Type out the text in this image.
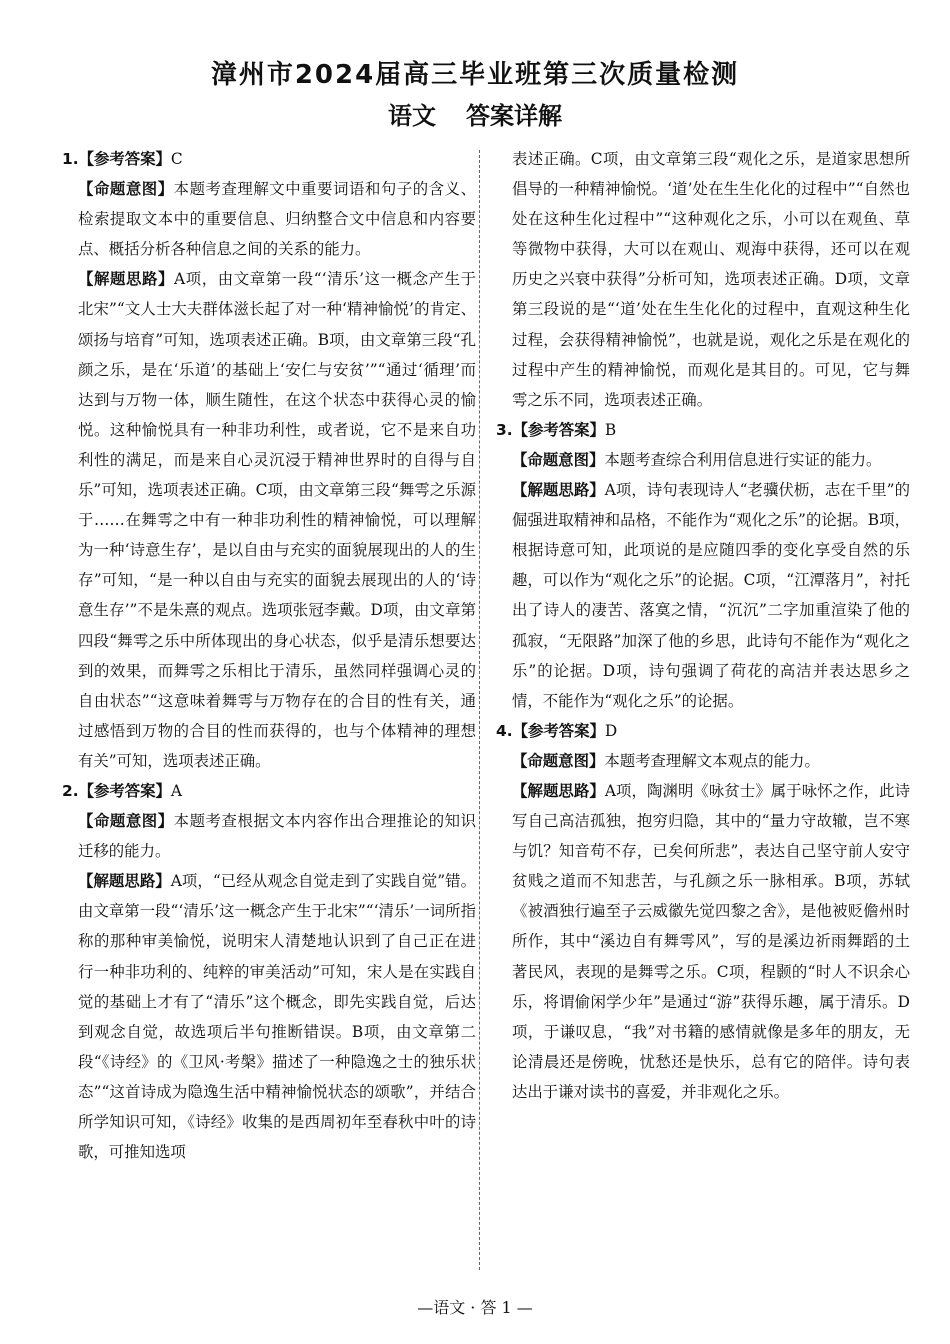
漳州市2024届高三毕业班第三次质量检测
语文 答案详解

1.【参考答案】C

【命题意图】本题考查理解文中重要词语和句子的含义、检索提取文本中的重要信息、归纳整合文中信息和内容要点、概括分析各种信息之间的关系的能力。

【解题思路】A项，由文章第一段“‘清乐’这一概念产生于北宋”“文人士大夫群体滋长起了对一种‘精神愉悦’的肯定、颂扬与培育”可知，选项表述正确。B项，由文章第三段“孔颜之乐，是在‘乐道’的基础上‘安仁与安贫’”“通过‘循理’而达到与万物一体，顺生随性，在这个状态中获得心灵的愉悦。这种愉悦具有一种非功利性，或者说，它不是来自功利性的满足，而是来自心灵沉浸于精神世界时的自得与自乐”可知，选项表述正确。C项，由文章第三段“舞雩之乐源于……在舞雩之中有一种非功利性的精神愉悦，可以理解为一种‘诗意生存’，是以自由与充实的面貌展现出的人的生存”可知，“是一种以自由与充实的面貌去展现出的人的‘诗意生存’”不是朱熹的观点。选项张冠李戴。D项，由文章第四段“舞雩之乐中所体现出的身心状态，似乎是清乐想要达到的效果，而舞雩之乐相比于清乐，虽然同样强调心灵的自由状态”“这意味着舞雩与万物存在的合目的性有关，通过感悟到万物的合目的性而获得的，也与个体精神的理想有关”可知，选项表述正确。

2.【参考答案】A

【命题意图】本题考查根据文本内容作出合理推论的知识迁移的能力。

【解题思路】A项，“已经从观念自觉走到了实践自觉”错。由文章第一段“‘清乐’这一概念产生于北宋”“‘清乐’一词所指称的那种审美愉悦，说明宋人清楚地认识到了自己正在进行一种非功利的、纯粹的审美活动”可知，宋人是在实践自觉的基础上才有了“清乐”这个概念，即先实践自觉，后达到观念自觉，故选项后半句推断错误。B项，由文章第二段“《诗经》的《卫风·考槃》描述了一种隐逸之士的独乐状态”“这首诗成为隐逸生活中精神愉悦状态的颂歌”，并结合所学知识可知，《诗经》收集的是西周初年至春秋中叶的诗歌，可推知选项

表述正确。C项，由文章第三段“观化之乐，是道家思想所倡导的一种精神愉悦。‘道’处在生生化化的过程中”“自然也处在这种生化过程中”“这种观化之乐，小可以在观鱼、草等微物中获得，大可以在观山、观海中获得，还可以在观历史之兴衰中获得”分析可知，选项表述正确。D项，文章第三段说的是“‘道’处在生生化化的过程中，直观这种生化过程，会获得精神愉悦”，也就是说，观化之乐是在观化的过程中产生的精神愉悦，而观化是其目的。可见，它与舞雩之乐不同，选项表述正确。

3.【参考答案】B

【命题意图】本题考查综合利用信息进行实证的能力。

【解题思路】A项，诗句表现诗人“老骥伏枥，志在千里”的倔强进取精神和品格，不能作为“观化之乐”的论据。B项，根据诗意可知，此项说的是应随四季的变化享受自然的乐趣，可以作为“观化之乐”的论据。C项，“江潭落月”，衬托出了诗人的凄苦、落寞之情，“沉沉”二字加重渲染了他的孤寂，“无限路”加深了他的乡思，此诗句不能作为“观化之乐”的论据。D项，诗句强调了荷花的高洁并表达思乡之情，不能作为“观化之乐”的论据。

4.【参考答案】D

【命题意图】本题考查理解文本观点的能力。

【解题思路】A项，陶渊明《咏贫士》属于咏怀之作，此诗写自己高洁孤独，抱穷归隐，其中的“量力守故辙，岂不寒与饥？知音苟不存，已矣何所悲”，表达自己坚守前人安守贫贱之道而不知悲苦，与孔颜之乐一脉相承。B项，苏轼《被酒独行遍至子云威徽先觉四黎之舍》，是他被贬儋州时所作，其中“溪边自有舞雩风”，写的是溪边祈雨舞蹈的土著民风，表现的是舞雩之乐。C项，程颢的“时人不识余心乐，将谓偷闲学少年”是通过“游”获得乐趣，属于清乐。D项，于谦叹息，“我”对书籍的感情就像是多年的朋友，无论清晨还是傍晚，忧愁还是快乐，总有它的陪伴。诗句表达出于谦对读书的喜爱，并非观化之乐。

—语文 · 答 1 —
